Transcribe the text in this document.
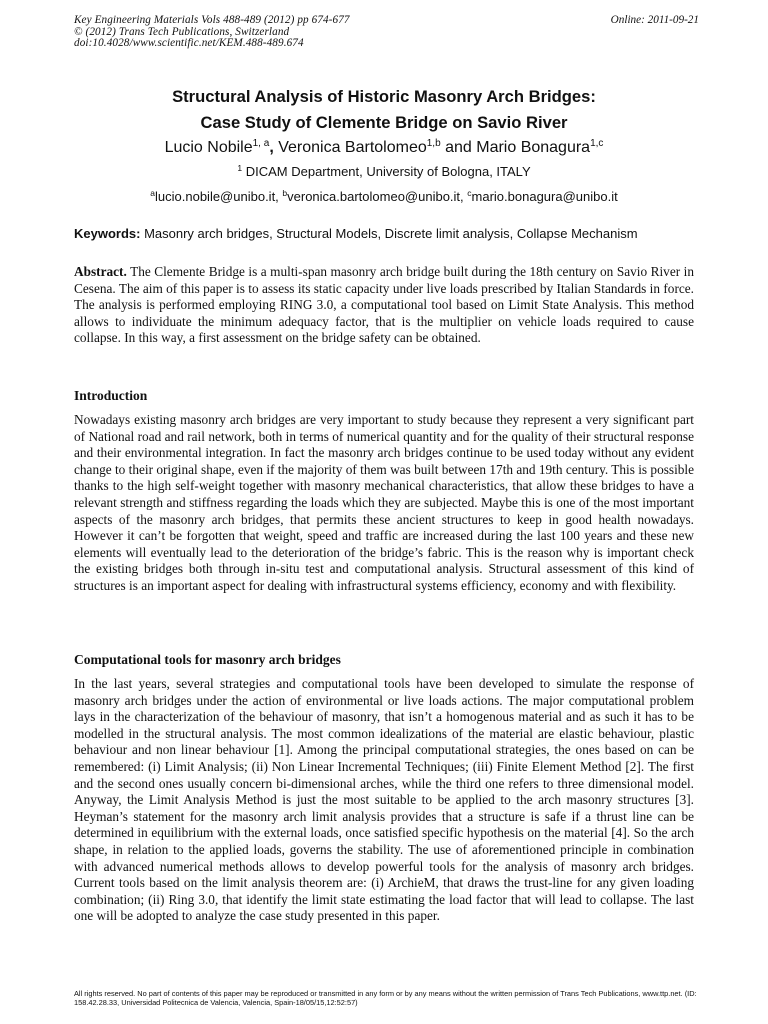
Key Engineering Materials Vols 488-489 (2012) pp 674-677
© (2012) Trans Tech Publications, Switzerland
doi:10.4028/www.scientific.net/KEM.488-489.674
Online: 2011-09-21
Structural Analysis of Historic Masonry Arch Bridges:
Case Study of Clemente Bridge on Savio River
Lucio Nobile$^{1, a}$, Veronica Bartolomeo$^{1,b}$ and Mario Bonagura$^{1,c}$
$^1$ DICAM Department, University of Bologna, ITALY
$^a$lucio.nobile@unibo.it, $^b$veronica.bartolomeo@unibo.it, $^c$mario.bonagura@unibo.it
Keywords: Masonry arch bridges, Structural Models, Discrete limit analysis, Collapse Mechanism
Abstract. The Clemente Bridge is a multi-span masonry arch bridge built during the 18th century on Savio River in Cesena. The aim of this paper is to assess its static capacity under live loads prescribed by Italian Standards in force. The analysis is performed employing RING 3.0, a computational tool based on Limit State Analysis. This method allows to individuate the minimum adequacy factor, that is the multiplier on vehicle loads required to cause collapse. In this way, a first assessment on the bridge safety can be obtained.
Introduction
Nowadays existing masonry arch bridges are very important to study because they represent a very significant part of National road and rail network, both in terms of numerical quantity and for the quality of their structural response and their environmental integration. In fact the masonry arch bridges continue to be used today without any evident change to their original shape, even if the majority of them was built between 17th and 19th century. This is possible thanks to the high self-weight together with masonry mechanical characteristics, that allow these bridges to have a relevant strength and stiffness regarding the loads which they are subjected. Maybe this is one of the most important aspects of the masonry arch bridges, that permits these ancient structures to keep in good health nowadays. However it can’t be forgotten that weight, speed and traffic are increased during the last 100 years and these new elements will eventually lead to the deterioration of the bridge’s fabric. This is the reason why is important check the existing bridges both through in-situ test and computational analysis. Structural assessment of this kind of structures is an important aspect for dealing with infrastructural systems efficiency, economy and with flexibility.
Computational tools for masonry arch bridges
In the last years, several strategies and computational tools have been developed to simulate the response of masonry arch bridges under the action of environmental or live loads actions. The major computational problem lays in the characterization of the behaviour of masonry, that isn’t a homogenous material and as such it has to be modelled in the structural analysis. The most common idealizations of the material are elastic behaviour, plastic behaviour and non linear behaviour [1]. Among the principal computational strategies, the ones based on can be remembered: (i) Limit Analysis; (ii) Non Linear Incremental Techniques; (iii) Finite Element Method [2]. The first and the second ones usually concern bi-dimensional arches, while the third one refers to three dimensional model. Anyway, the Limit Analysis Method is just the most suitable to be applied to the arch masonry structures [3]. Heyman’s statement for the masonry arch limit analysis provides that a structure is safe if a thrust line can be determined in equilibrium with the external loads, once satisfied specific hypothesis on the material [4]. So the arch shape, in relation to the applied loads, governs the stability. The use of aforementioned principle in combination with advanced numerical methods allows to develop powerful tools for the analysis of masonry arch bridges. Current tools based on the limit analysis theorem are: (i) ArchieM, that draws the trust-line for any given loading combination; (ii) Ring 3.0, that identify the limit state estimating the load factor that will lead to collapse. The last one will be adopted to analyze the case study presented in this paper.
All rights reserved. No part of contents of this paper may be reproduced or transmitted in any form or by any means without the written permission of Trans Tech Publications, www.ttp.net. (ID: 158.42.28.33, Universidad Politecnica de Valencia, Valencia, Spain-18/05/15,12:52:57)
